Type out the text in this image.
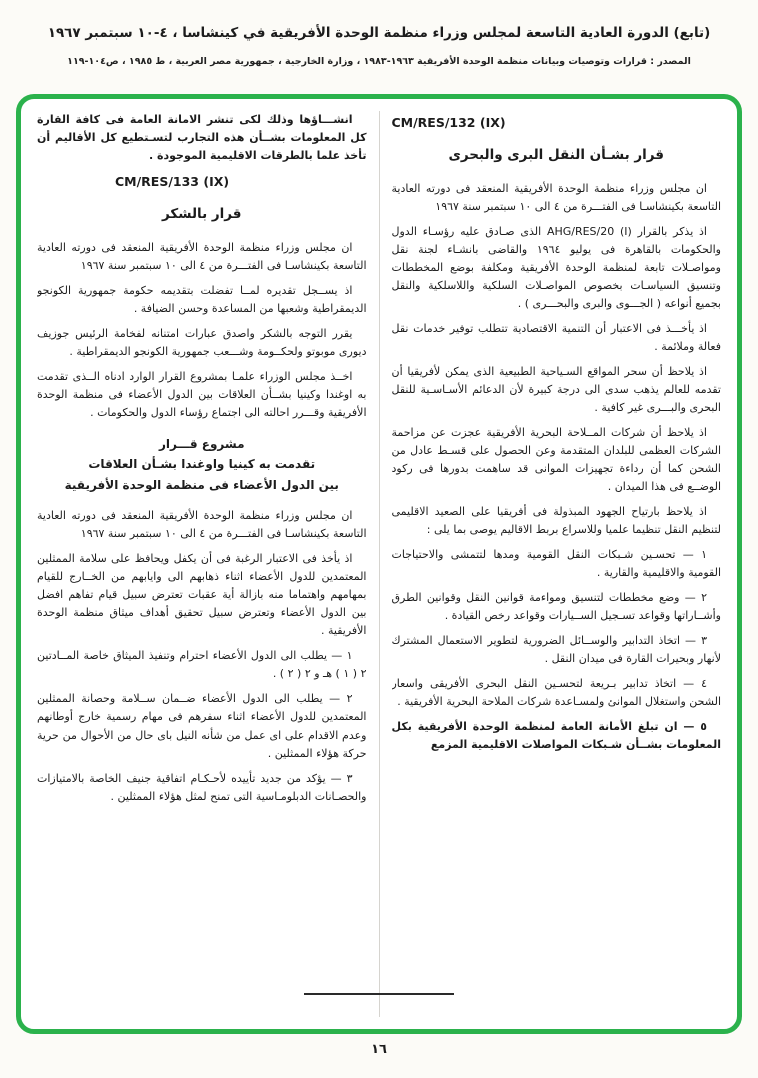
(تابع) الدورة العادية التاسعة لمجلس وزراء منظمة الوحدة الأفريقية في كينشاسا ، ٤-١٠ سبتمبر ١٩٦٧
المصدر : قرارات وتوصيات وبيانات منظمة الوحدة الأفريقية ١٩٦٣-١٩٨٣ ، وزارة الخارجية ، جمهورية مصر العربية ، ط ١٩٨٥ ، ص١٠٤-١١٩
CM/RES/132 (IX)
قرار بشـأن النقل البرى والبحرى

ان مجلس وزراء منظمة الوحدة الأفريقية المنعقد فى دورته العادية التاسعة بكينشاسـا فى الفتـــرة من ٤ الى ١٠ سبتمبر سنة ١٩٦٧

اذ يذكر بالقرار AHG/RES/20 (I) الذى صـادق عليه رؤسـاء الدول والحكومات بالقاهرة فى يوليو ١٩٦٤ والقاضى بانشـاء لجنة نقل ومواصـلات تابعة لمنظمة الوحدة الأفريقية ومكلفة بوضع المخططات وتنسيق السياسـات بخصوص المواصـلات السلكية واللاسلكية والنقل بجميع أنواعه ( الجـــوى والبرى والبحـــرى ) .

اذ يأخـــذ فى الاعتبار أن التنمية الاقتصادية تتطلب توفير خدمات نقل فعالة وملائمة .

اذ يلاحظ أن سحر المواقع السـياحية الطبيعية الذى يمكن لأفريقيا أن تقدمه للعالم يذهب سدى الى درجة كبيرة لأن الدعائم الأسـاسـية للنقل البحرى والبـــرى غير كافية .

اذ يلاحظ أن شركات المــلاحة البحرية الأفريقية عجزت عن مزاحمة الشركات العظمى للبلدان المتقدمة وعن الحصول على قسـط عادل من الشحن كما أن رداءة تجهيزات الموانى قد ساهمت بدورها فى ركود الوضــع فى هذا الميدان .

اذ يلاحظ بارتياح الجهود المبذولة فى أفريقيا على الصعيد الاقليمى لتنظيم النقل تنظيما علميا وللاسراع بربط الاقاليم يوصى بما يلى :

١ — تحسـين شـبكات النقل القومية ومدها لتتمشى والاحتياجات القومية والاقليمية والقارية .

٢ — وضع مخططات لتنسيق ومواءمة قوانين النقل وقوانين الطرق وأشــاراتها وقواعد تسـجيل الســيارات وقواعد رخص القيادة .

٣ — اتخاذ التدابير والوســائل الضرورية لتطوير الاستعمال المشترك لأنهار وبحيرات القارة فى ميدان النقل .

٤ — اتخاذ تدابير بـريعة لتحسـين النقل البحرى الأفريقى واسعار الشحن واستغلال الموانئ ولمسـاعدة شركات الملاحة البحرية الأفريقية .

٥ — ان تبلغ الأمانة العامة لمنظمة الوحدة الأفريقية بكل المعلومات بشــأن شـبكات المواصلات الاقليمية المزمع

انشـــاؤها وذلك لكى تنشر الامانة العامة فى كافة القارة كل المعلومات بشــأن هذه التجارب لتسـتطيع كل الأقاليم أن تأخذ علما بالطرقات الاقليمية الموجودة .

CM/RES/133 (IX)
قرار بالشكر

ان مجلس وزراء منظمة الوحدة الأفريقية المنعقد فى دورته العادية التاسعة بكينشاسـا فى الفتـــرة من ٤ الى ١٠ سبتمبر سنة ١٩٦٧

اذ يســجل تقديره لمــا تفضلت بتقديمه حكومة جمهورية الكونجو الديمقراطية وشعبها من المساعدة وحسن الضيافة .

يقرر التوجه بالشكر واصدق عبارات امتنانه لفخامة الرئيس جوزيف ديورى موبوتو ولحكــومة وشـــعب جمهورية الكونجو الديمقراطية .

اخــذ مجلس الوزراء علمـا بمشروع القرار الوارد ادناه الــذى تقدمت به اوغندا وكينيا بشــأن العلاقات بين الدول الأعضاء فى منظمة الوحدة الأفريقية وقـــرر احالته الى اجتماع رؤساء الدول والحكومات .

مشروع قـــرار
تقدمت به كينيا واوغندا بشـأن العلاقات
بين الدول الأعضاء فى منظمة الوحدة الأفريقية

ان مجلس وزراء منظمة الوحدة الأفريقية المنعقد فى دورته العادية التاسعة بكينشاسـا فى الفتـــرة من ٤ الى ١٠ سبتمبر سنة ١٩٦٧

اذ يأخذ فى الاعتبار الرغبة فى أن يكفل ويحافظ على سلامة الممثلين المعتمدين للدول الأعضاء اثناء ذهابهم الى وايابهم من الخــارج للقيام بمهامهم واهتماما منه بازالة أية عقبات تعترض سبيل قيام تفاهم افضل بين الدول الأعضاء وتعترض سبيل تحقيق أهداف ميثاق منظمة الوحدة الأفريقية .

١ — يطلب الى الدول الأعضاء احترام وتنفيذ الميثاق خاصة المــادتين ٢ ( ١ ) هـ و ٢ ( ٢ ) .

٢ — يطلب الى الدول الأعضاء ضــمان ســلامة وحصانة الممثلين المعتمدين للدول الأعضاء اثناء سفرهم فى مهام رسمية خارج أوطانهم وعدم الاقدام على اى عمل من شأنه النيل باى حال من الأحوال من حرية حركة هؤلاء الممثلين .

٣ — يؤكد من جديد تأييده لأحـكـام اتفاقية جنيف الخاصة بالامتيازات والحصـانات الدبلومـاسية التى تمنح لمثل هؤلاء الممثلين .

١٦
